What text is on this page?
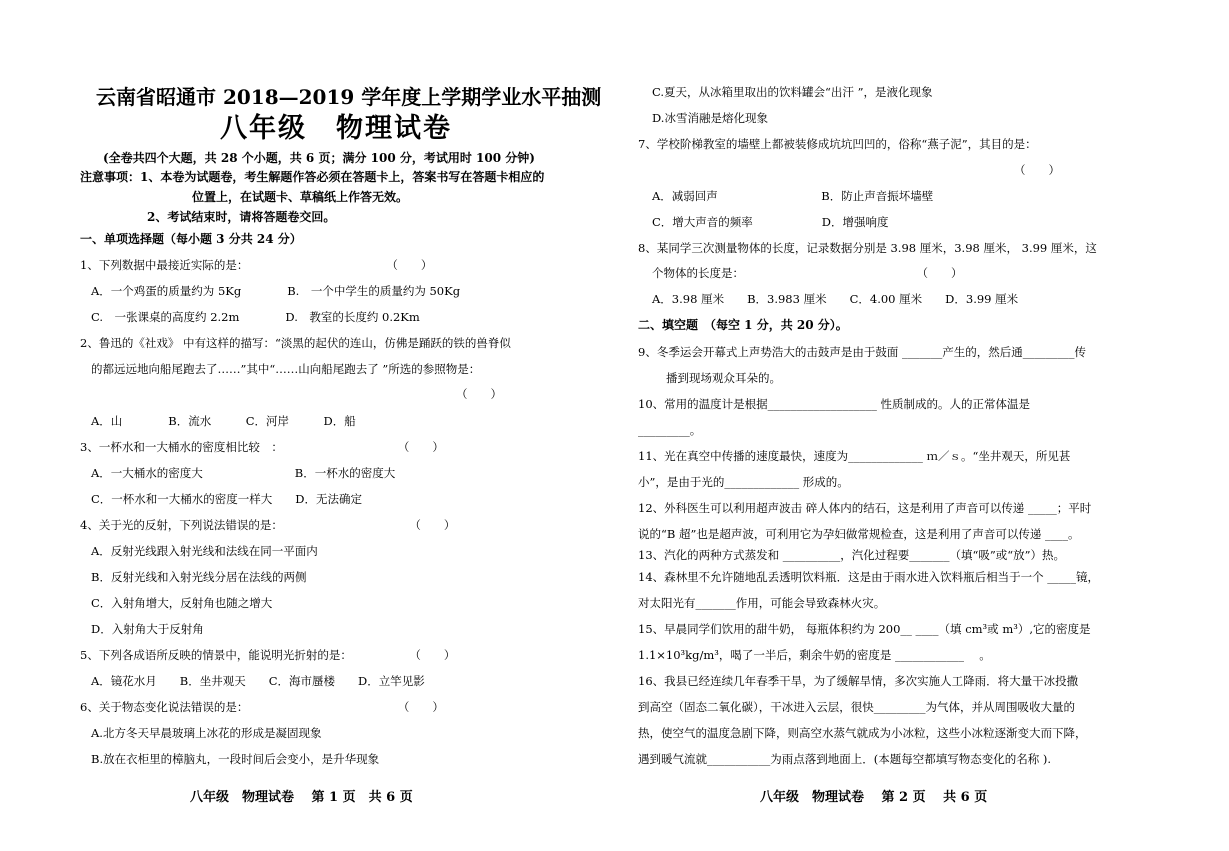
云南省昭通市 2018—2019 学年度上学期学业水平抽测
八年级　物理试卷
(全卷共四个大题，共 28 个小题，共 6 页；满分 100 分，考试用时 100 分钟)
注意事项：1、本卷为试题卷，考生解题作答必须在答题卡上，答案书写在答题卡相应的
位置上，在试题卡、草稿纸上作答无效。
2、考试结束时，请将答题卷交回。
一、单项选择题（每小题 3 分共 24 分）
1、下列数据中最接近实际的是：　　　　　　　　　　　　　（　　）
A．一个鸡蛋的质量约为 5Kg　　　　B.　一个中学生的质量约为 50Kg
C.　一张课桌的高度约 2.2m　　　　D.　教室的长度约 0.2Km
2、鲁迅的《社戏》 中有这样的描写：“淡黑的起伏的连山，仿佛是踊跃的铁的兽脊似
的都远远地向船尾跑去了……”其中“……山向船尾跑去了 ”所选的参照物是：
（　　）
A．山　　　　B．流水　　　C．河岸　　　D．船
3、一杯水和一大桶水的密度相比较　：　　　　　　　　　　　（　　）
A．一大桶水的密度大　　　　　　　　B．一杯水的密度大
C．一杯水和一大桶水的密度一样大　　D．无法确定
4、关于光的反射，下列说法错误的是：　　　　　　　　　　　　（　　）
A．反射光线跟入射光线和法线在同一平面内
B．反射光线和入射光线分居在法线的两侧
C．入射角增大，反射角也随之增大
D．入射角大于反射角
5、下列各成语所反映的情景中，能说明光折射的是：　　　　　　（　　）
A．镜花水月　　B．坐井观天　　C．海市蜃楼　　D．立竿见影
6、关于物态变化说法错误的是：　　　　　　　　　　　　　　（　　）
A.北方冬天早晨玻璃上冰花的形成是凝固现象
B.放在衣柜里的樟脑丸，一段时间后会变小，是升华现象
八年级　物理试卷　 第 1 页　共 6 页
C.夏天，从冰箱里取出的饮料罐会“出汗 ”，是液化现象
D.冰雪消融是熔化现象
7、学校阶梯教室的墙壁上都被装修成坑坑凹凹的，俗称“燕子泥”，其目的是：
（　　）
A．减弱回声　　　　　　　　　B．防止声音振坏墙壁
C．增大声音的频率　　　　　　D．增强响度
8、某同学三次测量物体的长度，记录数据分别是 3.98 厘米，3.98 厘米， 3.99 厘米，这
个物体的长度是：　　　　　　　　　　　　　　　　（　　）
A．3.98 厘米　　B．3.983 厘米　　C．4.00 厘米　　D．3.99 厘米
二、填空题　（每空 1 分，共 20 分）。
9、冬季运会开幕式上声势浩大的击鼓声是由于鼓面 _______产生的，然后通_________传
播到现场观众耳朵的。
10、常用的温度计是根据___________________ 性质制成的。人的正常体温是
_________。
11、光在真空中传播的速度最快，速度为_____________ ｍ／ｓ。“坐井观天，所见甚
小”，是由于光的_____________ 形成的。
12、外科医生可以利用超声波击 碎人体内的结石，这是利用了声音可以传递 _____；平时
说的“B 超”也是超声波，可利用它为孕妇做常规检查，这是利用了声音可以传递 ____。
13、汽化的两种方式蒸发和 __________，汽化过程要_______（填“吸”或“放”）热。
14、森林里不允许随地乱丢透明饮料瓶．这是由于雨水进入饮料瓶后相当于一个 _____镜，
对太阳光有_______作用，可能会导致森林火灾。
15、早晨同学们饮用的甜牛奶， 每瓶体积约为 200__ ____（填 cm³或 m³）,它的密度是
1.1×10³kg/m³，喝了一半后，剩余牛奶的密度是 ____________　 。
16、我县已经连续几年春季干旱，为了缓解旱情，多次实施人工降雨．将大量干冰投撒
到高空（固态二氧化碳），干冰进入云层，很快_________为气体，并从周围吸收大量的
热，使空气的温度急剧下降，则高空水蒸气就成为小冰粒，这些小冰粒逐渐变大而下降，
遇到暖气流就___________为雨点落到地面上．(本题每空都填写物态变化的名称 ).
八年级　物理试卷　 第 2 页　 共 6 页
